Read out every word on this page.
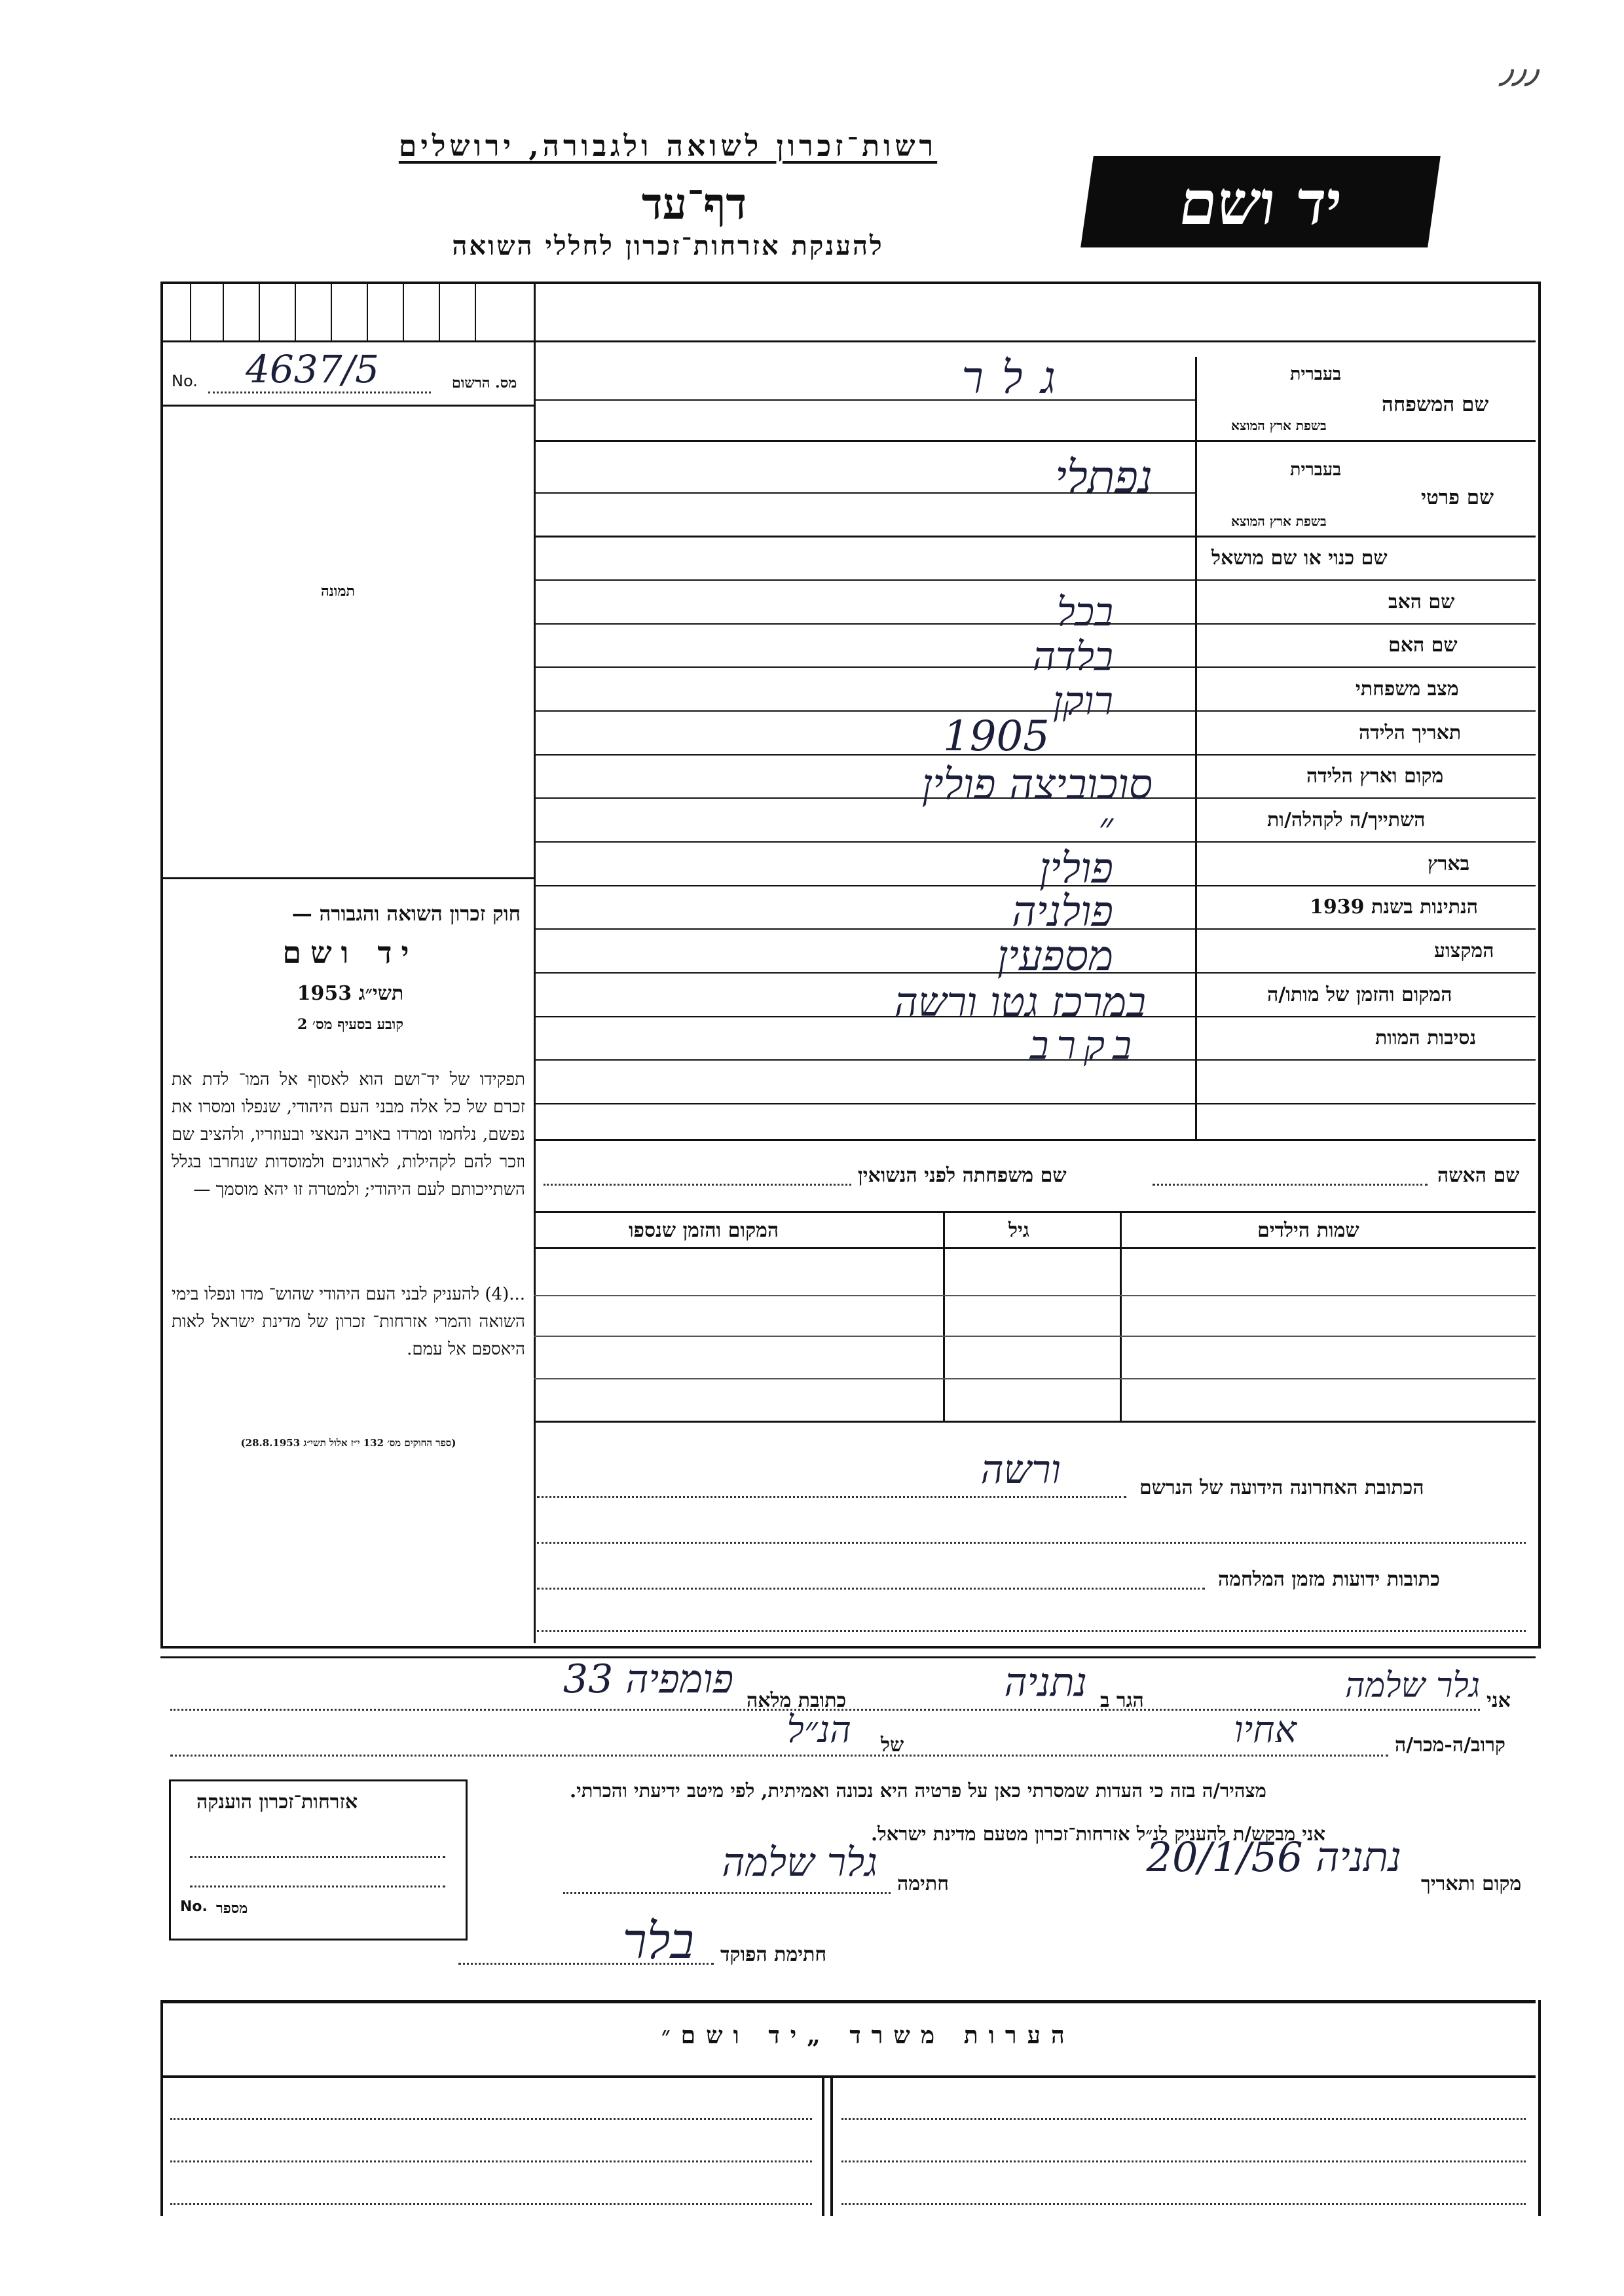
٫٫٫
רשות־זכרון לשואה ולגבורה, ירושלים
דף־עד
להענקת אזרחות־זכרון לחללי השואה
יד ושם
No. 4637/5	מס. הרשום
תמונה
חוק זכרון השואה והגבורה —
יד ושם
תשי״ג 1953
קובע בסעיף מס׳ 2
תפקידו של יד־ושם הוא לאסוף אל המו־ לדת את זכרם של כל אלה מבני העם היהודי, שנפלו ומסרו את נפשם, נלחמו ומרדו באויב הנאצי ובעוזריו, ולהציב שם וזכר להם לקהילות, לארגונים ולמוסדות שנחרבו בגלל השתייכותם לעם היהודי; ולמטרה זו יהא מוסמך —
...(4) להעניק לבני העם היהודי שהוש־ מדו ונפלו בימי השואה והמרי אזרחות־ זכרון של מדינת ישראל לאות היאספם אל עמם.
(ספר החוקים מס׳ 132 י״ז אלול תשי״ג 28.8.1953)
שם המשפחה
בעברית
בשפת ארץ המוצא
גלר
שם פרטי
בעברית
בשפת ארץ המוצא
נפתלי
שם כנוי או שם מושאל
שם האב
בכל
שם האם
בלדה
מצב משפחתי
רוקן
תאריך הלידה
1905
מקום וארץ הלידה
סוכוביצה פולין
השתייך/ה לקהלה/ות
״
בארץ
פולין
הנתינות בשנת 1939
פולניה
המקצוע
מספעין
המקום והזמן של מותו/ה
במרכז גטו ורשה
נסיבות המוות
בקרב
שם האשה
שם משפחתה לפני הנשואין
שמות הילדים
גיל
המקום והזמן שנספו
הכתובת האחרונה הידועה של הנרשם
ורשה
כתובות ידועות מזמן המלחמה
אני
גלר שלמה
הגר ב
נתניה
כתובת מלאה
פומפיה 33
קרוב/ה-מכר/ה
אחיו
של
הנ״ל
מצהיר/ה בזה כי העדות שמסרתי כאן על פרטיה היא נכונה ואמיתית, לפי מיטב ידיעתי והכרתי.
אני מבקש/ת להעניק לנ״ל אזרחות־זכרון מטעם מדינת ישראל.
מקום ותאריך
נתניה 20/1/56
חתימה
גלר שלמה
חתימת הפוקד
בלר
אזרחות־זכרון הוענקה
No. מספר
הערות משרד „יד ושם״
